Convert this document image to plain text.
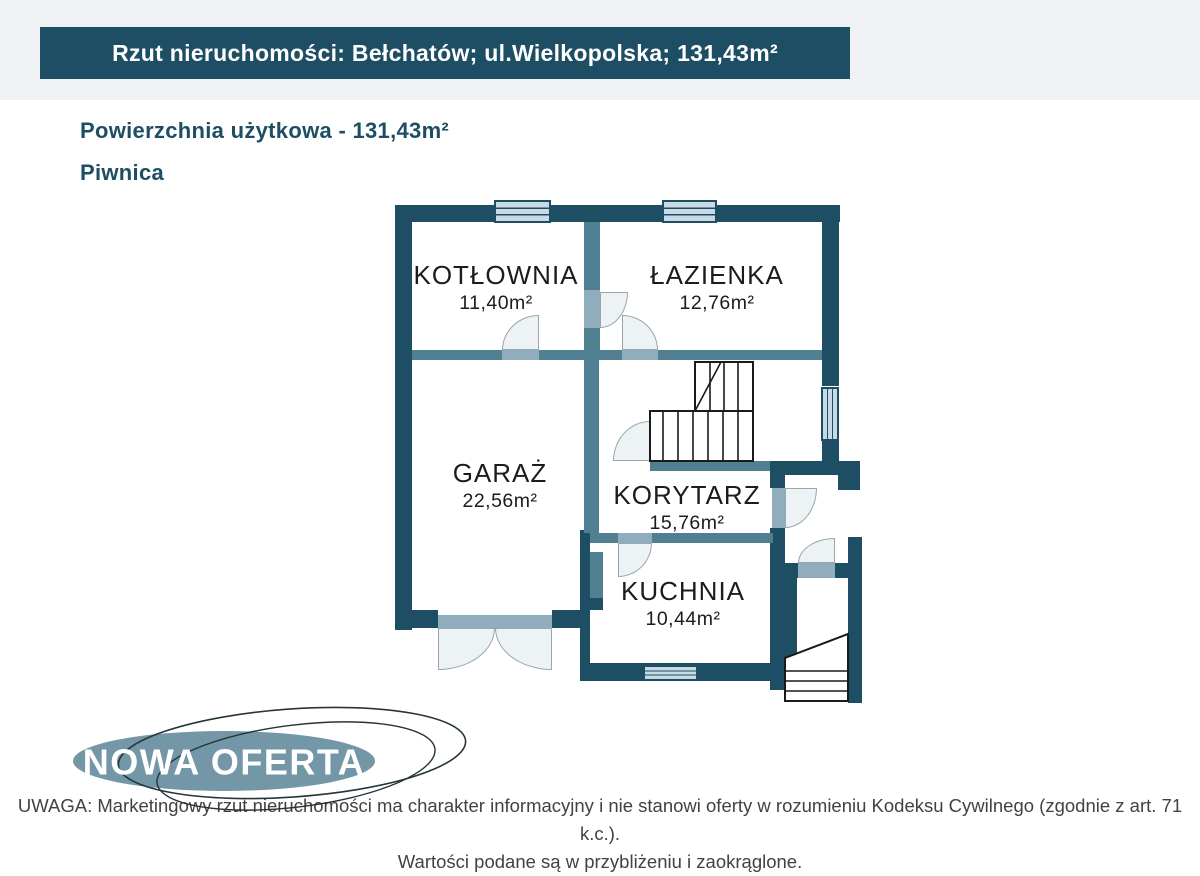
Rzut nieruchomości: Bełchatów; ul.Wielkopolska; 131,43m²
Powierzchnia użytkowa - 131,43m²
Piwnica
KOTŁOWNIA
11,40m²
ŁAZIENKA
12,76m²
GARAŻ
22,56m²	KORYTARZ
15,76m²
KUCHNIA
10,44m²
UWAGA: Marketingowy rzut nieruchomości ma charakter informacyjny i nie stanowi oferty w rozumieniu Kodeksu Cywilnego (zgodnie z art. 71 k.c.).
Wartości podane są w przybliżeniu i zaokrąglone.
NOWA OFERTA
